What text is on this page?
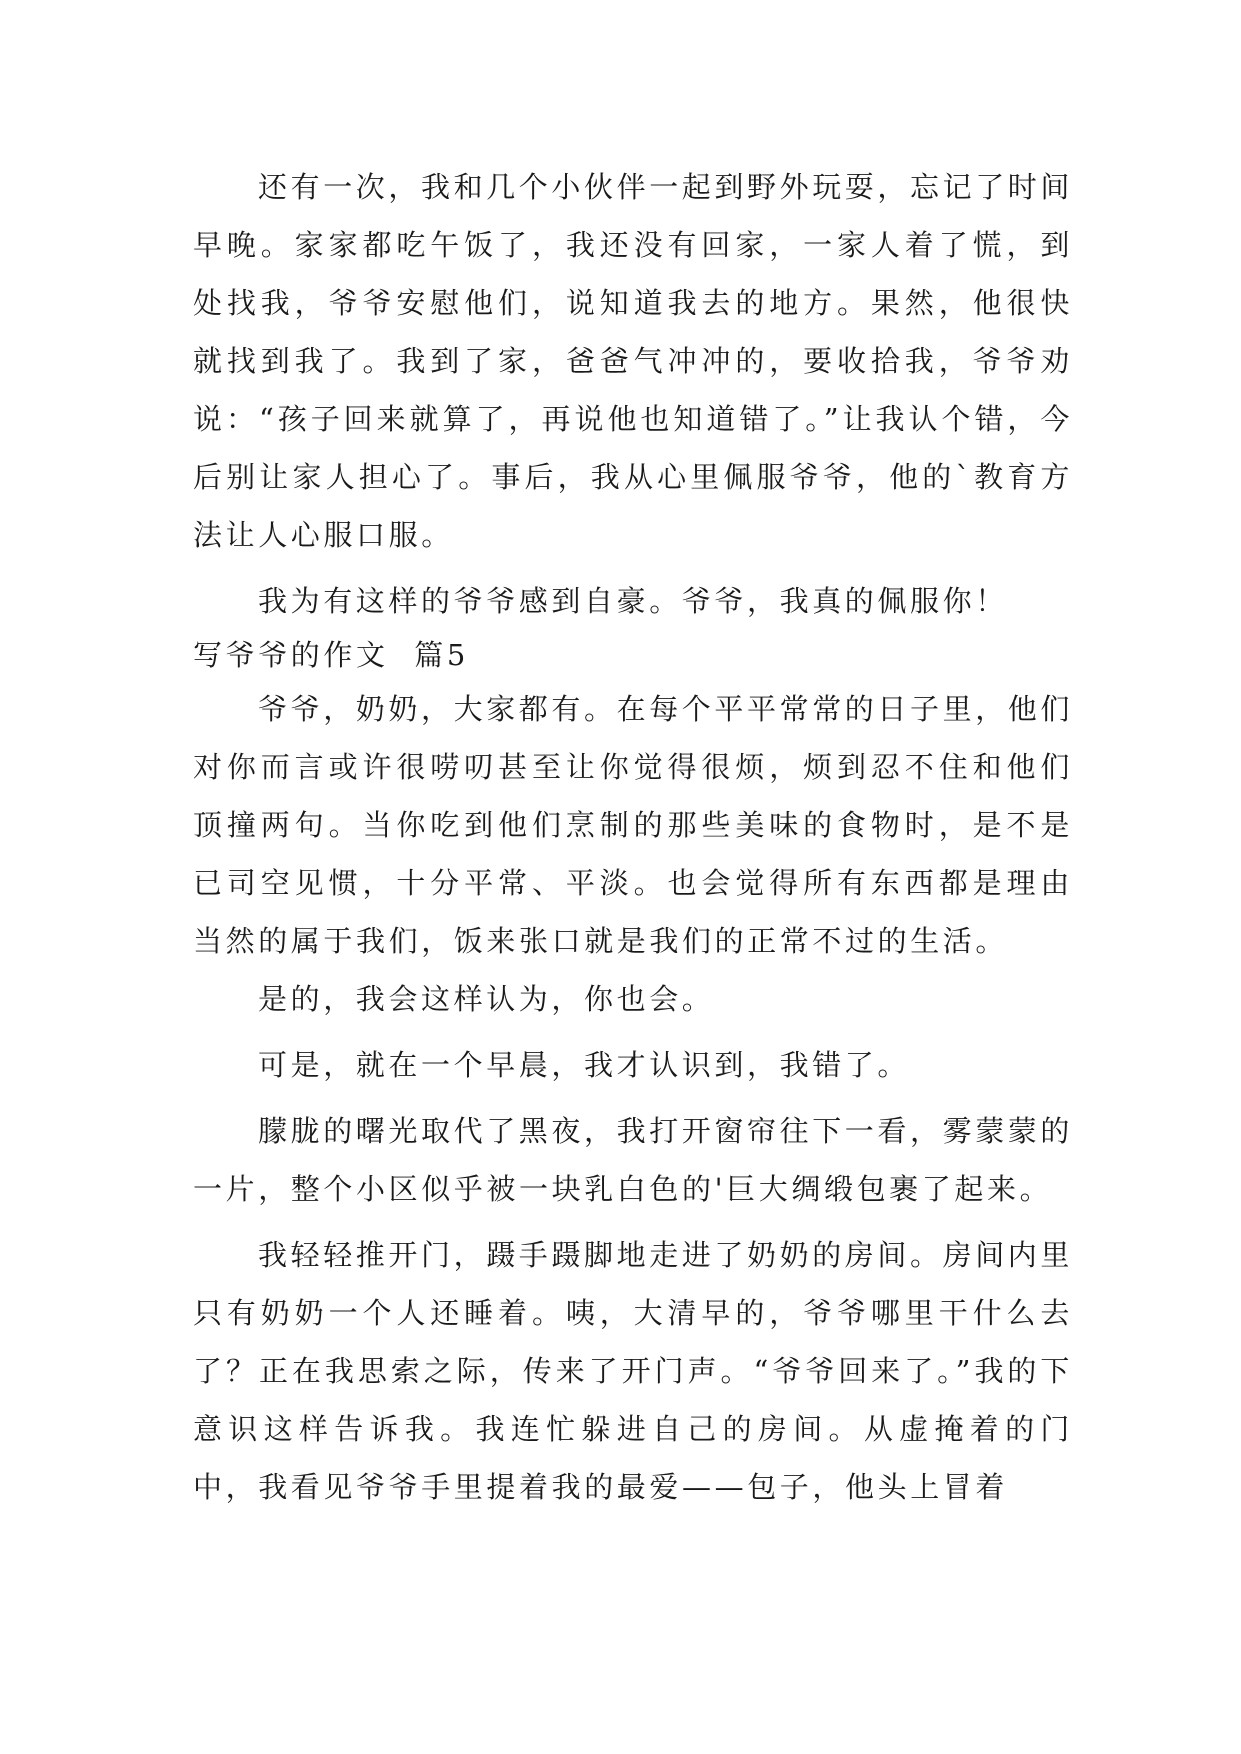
还有一次，我和几个小伙伴一起到野外玩耍，忘记了时间早晚。家家都吃午饭了，我还没有回家，一家人着了慌，到处找我，爷爷安慰他们，说知道我去的地方。果然，他很快就找到我了。我到了家，爸爸气冲冲的，要收拾我，爷爷劝说：“孩子回来就算了，再说他也知道错了。”让我认个错，今后别让家人担心了。事后，我从心里佩服爷爷，他的`教育方法让人心服口服。

我为有这样的爷爷感到自豪。爷爷，我真的佩服你！

写爷爷的作文 篇5

爷爷，奶奶，大家都有。在每个平平常常的日子里，他们对你而言或许很唠叨甚至让你觉得很烦，烦到忍不住和他们顶撞两句。当你吃到他们烹制的那些美味的食物时，是不是已司空见惯，十分平常、平淡。也会觉得所有东西都是理由当然的属于我们，饭来张口就是我们的正常不过的生活。

是的，我会这样认为，你也会。

可是，就在一个早晨，我才认识到，我错了。

朦胧的曙光取代了黑夜，我打开窗帘往下一看，雾蒙蒙的一片，整个小区似乎被一块乳白色的'巨大绸缎包裹了起来。

我轻轻推开门，蹑手蹑脚地走进了奶奶的房间。房间内里只有奶奶一个人还睡着。咦，大清早的，爷爷哪里干什么去了？正在我思索之际，传来了开门声。“爷爷回来了。”我的下意识这样告诉我。我连忙躲进自己的房间。从虚掩着的门中，我看见爷爷手里提着我的最爱——包子，他头上冒着
